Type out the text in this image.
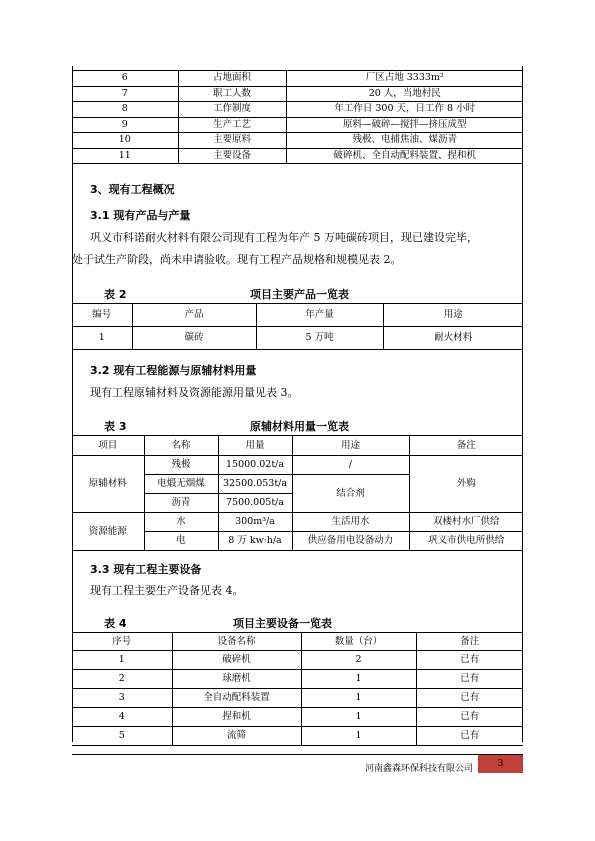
6	占地面积	厂区占地 3333m²
7	职工人数	20 人，当地村民
8	工作制度	年工作日 300 天，日工作 8 小时
9	生产工艺	原料—破碎—搅拌—挤压成型
10	主要原料	残极、电捕焦油、煤沥青
11	主要设备	破碎机、全自动配料装置、捏和机
3、现有工程概况
3.1 现有产品与产量
巩义市科诺耐火材料有限公司现有工程为年产 5 万吨碳砖项目，现已建设完毕，
处于试生产阶段，尚未申请验收。现有工程产品规格和规模见表 2。
表 2	项目主要产品一览表
编号	产品	年产量	用途
1	碳砖	5 万吨	耐火材料
3.2 现有工程能源与原辅材料用量
现有工程原辅材料及资源能源用量见表 3。
表 3	原辅材料用量一览表
项目	名称	用量	用途	备注
原辅材料	残极	15000.02t/a	/	外购
	电煅无烟煤	32500.053t/a	结合剂	
	沥青	7500.005t/a		
资源能源	水	300m³/a	生活用水	双楼村水厂供给
	电	8 万 kw·h/a	供应备用电设备动力	巩义市供电所供给
3.3 现有工程主要设备
现有工程主要生产设备见表 4。
表 4	项目主要设备一览表
序号	设备名称	数量（台）	备注
1	破碎机	2	已有
2	球磨机	1	已有
3	全自动配料装置	1	已有
4	捏和机	1	已有
5	流筛	1	已有
河南鑫森环保科技有限公司	3
